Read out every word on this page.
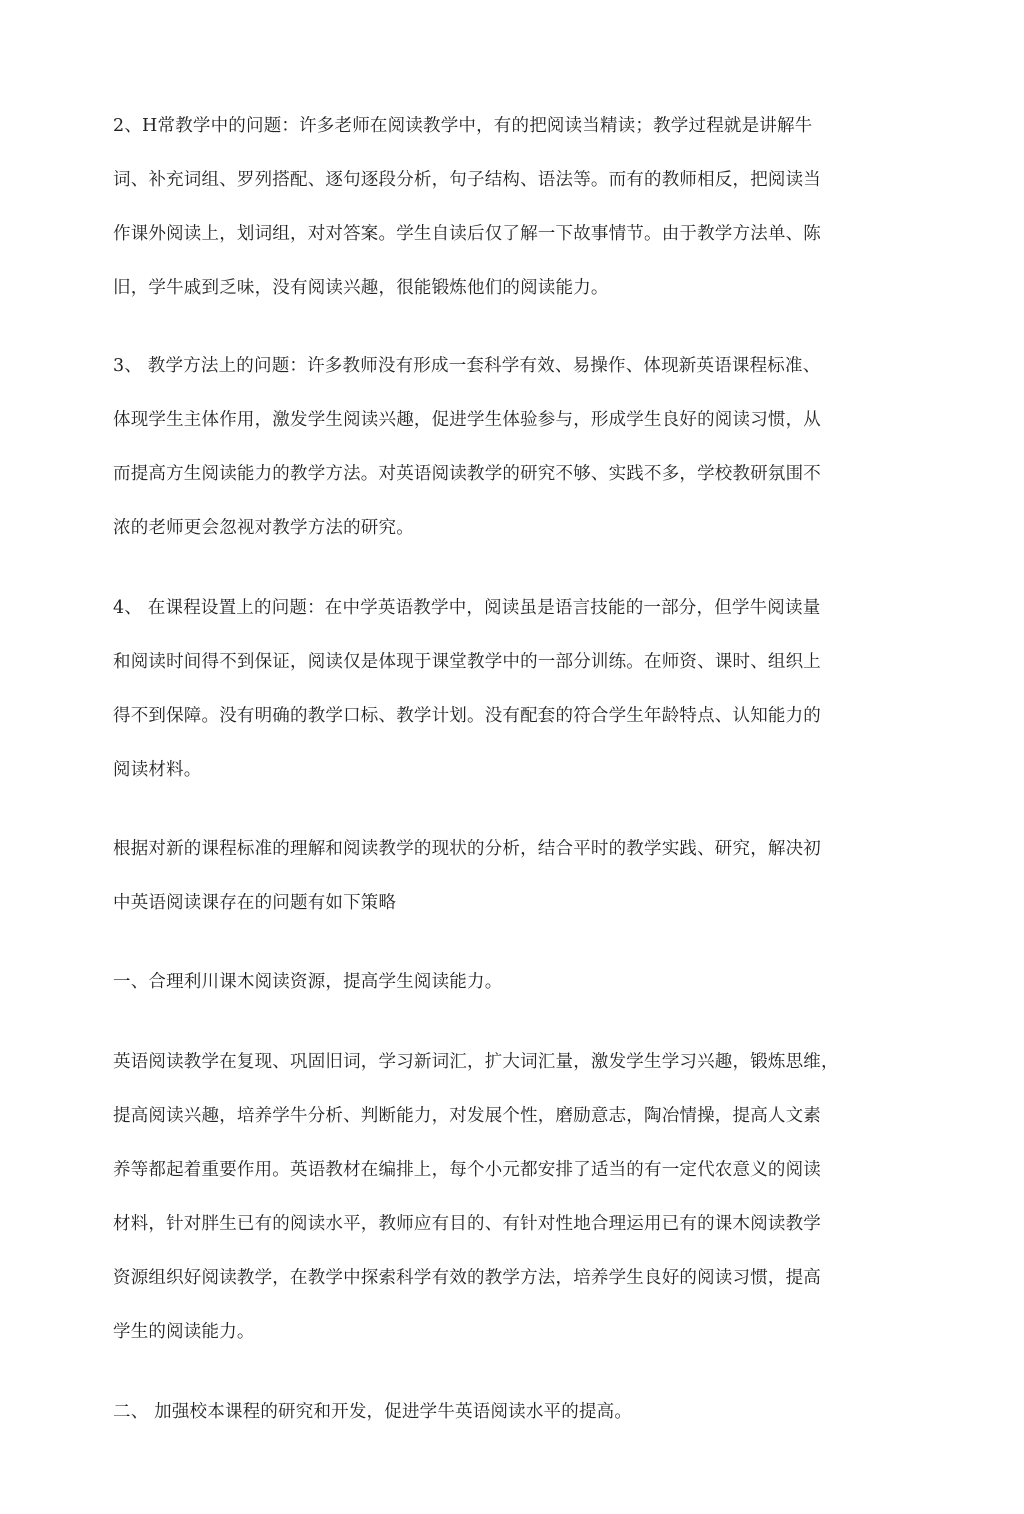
2、H常教学中的问题：许多老师在阅读教学中，有的把阅读当精读；教学过程就是讲解牛
词、补充词组、罗列搭配、逐句逐段分析，句子结构、语法等。而有的教师相反，把阅读当
作课外阅读上，划词组，对对答案。学生自读后仅了解一下故事情节。由于教学方法单、陈
旧，学牛戚到乏味，没有阅读兴趣，很能锻炼他们的阅读能力。
3、 教学方法上的问题：许多教师没有形成一套科学有效、易操作、体现新英语课程标准、
体现学生主体作用，激发学生阅读兴趣，促进学生体验参与，形成学生良好的阅读习惯，从
而提高方生阅读能力的教学方法。对英语阅读教学的研究不够、实践不多，学校教研氛围不
浓的老师更会忽视对教学方法的研究。
4、 在课程设置上的问题：在中学英语教学中，阅读虽是语言技能的一部分，但学牛阅读量
和阅读时间得不到保证，阅读仅是体现于课堂教学中的一部分训练。在师资、课时、组织上
得不到保障。没有明确的教学口标、教学计划。没有配套的符合学生年龄特点、认知能力的
阅读材料。
根据对新的课程标准的理解和阅读教学的现状的分析，结合平时的教学实践、研究，解决初
中英语阅读课存在的问题有如下策略
一、合理利川课木阅读资源，提高学生阅读能力。
英语阅读教学在复现、巩固旧词，学习新词汇，扩大词汇量，激发学生学习兴趣，锻炼思维，
提高阅读兴趣，培养学牛分析、判断能力，对发展个性，磨励意志，陶冶情操，提高人文素
养等都起着重要作用。英语教材在编排上，每个小元都安排了适当的有一定代农意义的阅读
材料，针对胖生已有的阅读水平，教师应有目的、有针对性地合理运用已有的课木阅读教学
资源组织好阅读教学，在教学中探索科学有效的教学方法，培养学生良好的阅读习惯，提高
学生的阅读能力。
二、 加强校本课程的研究和开发，促进学牛英语阅读水平的提高。
